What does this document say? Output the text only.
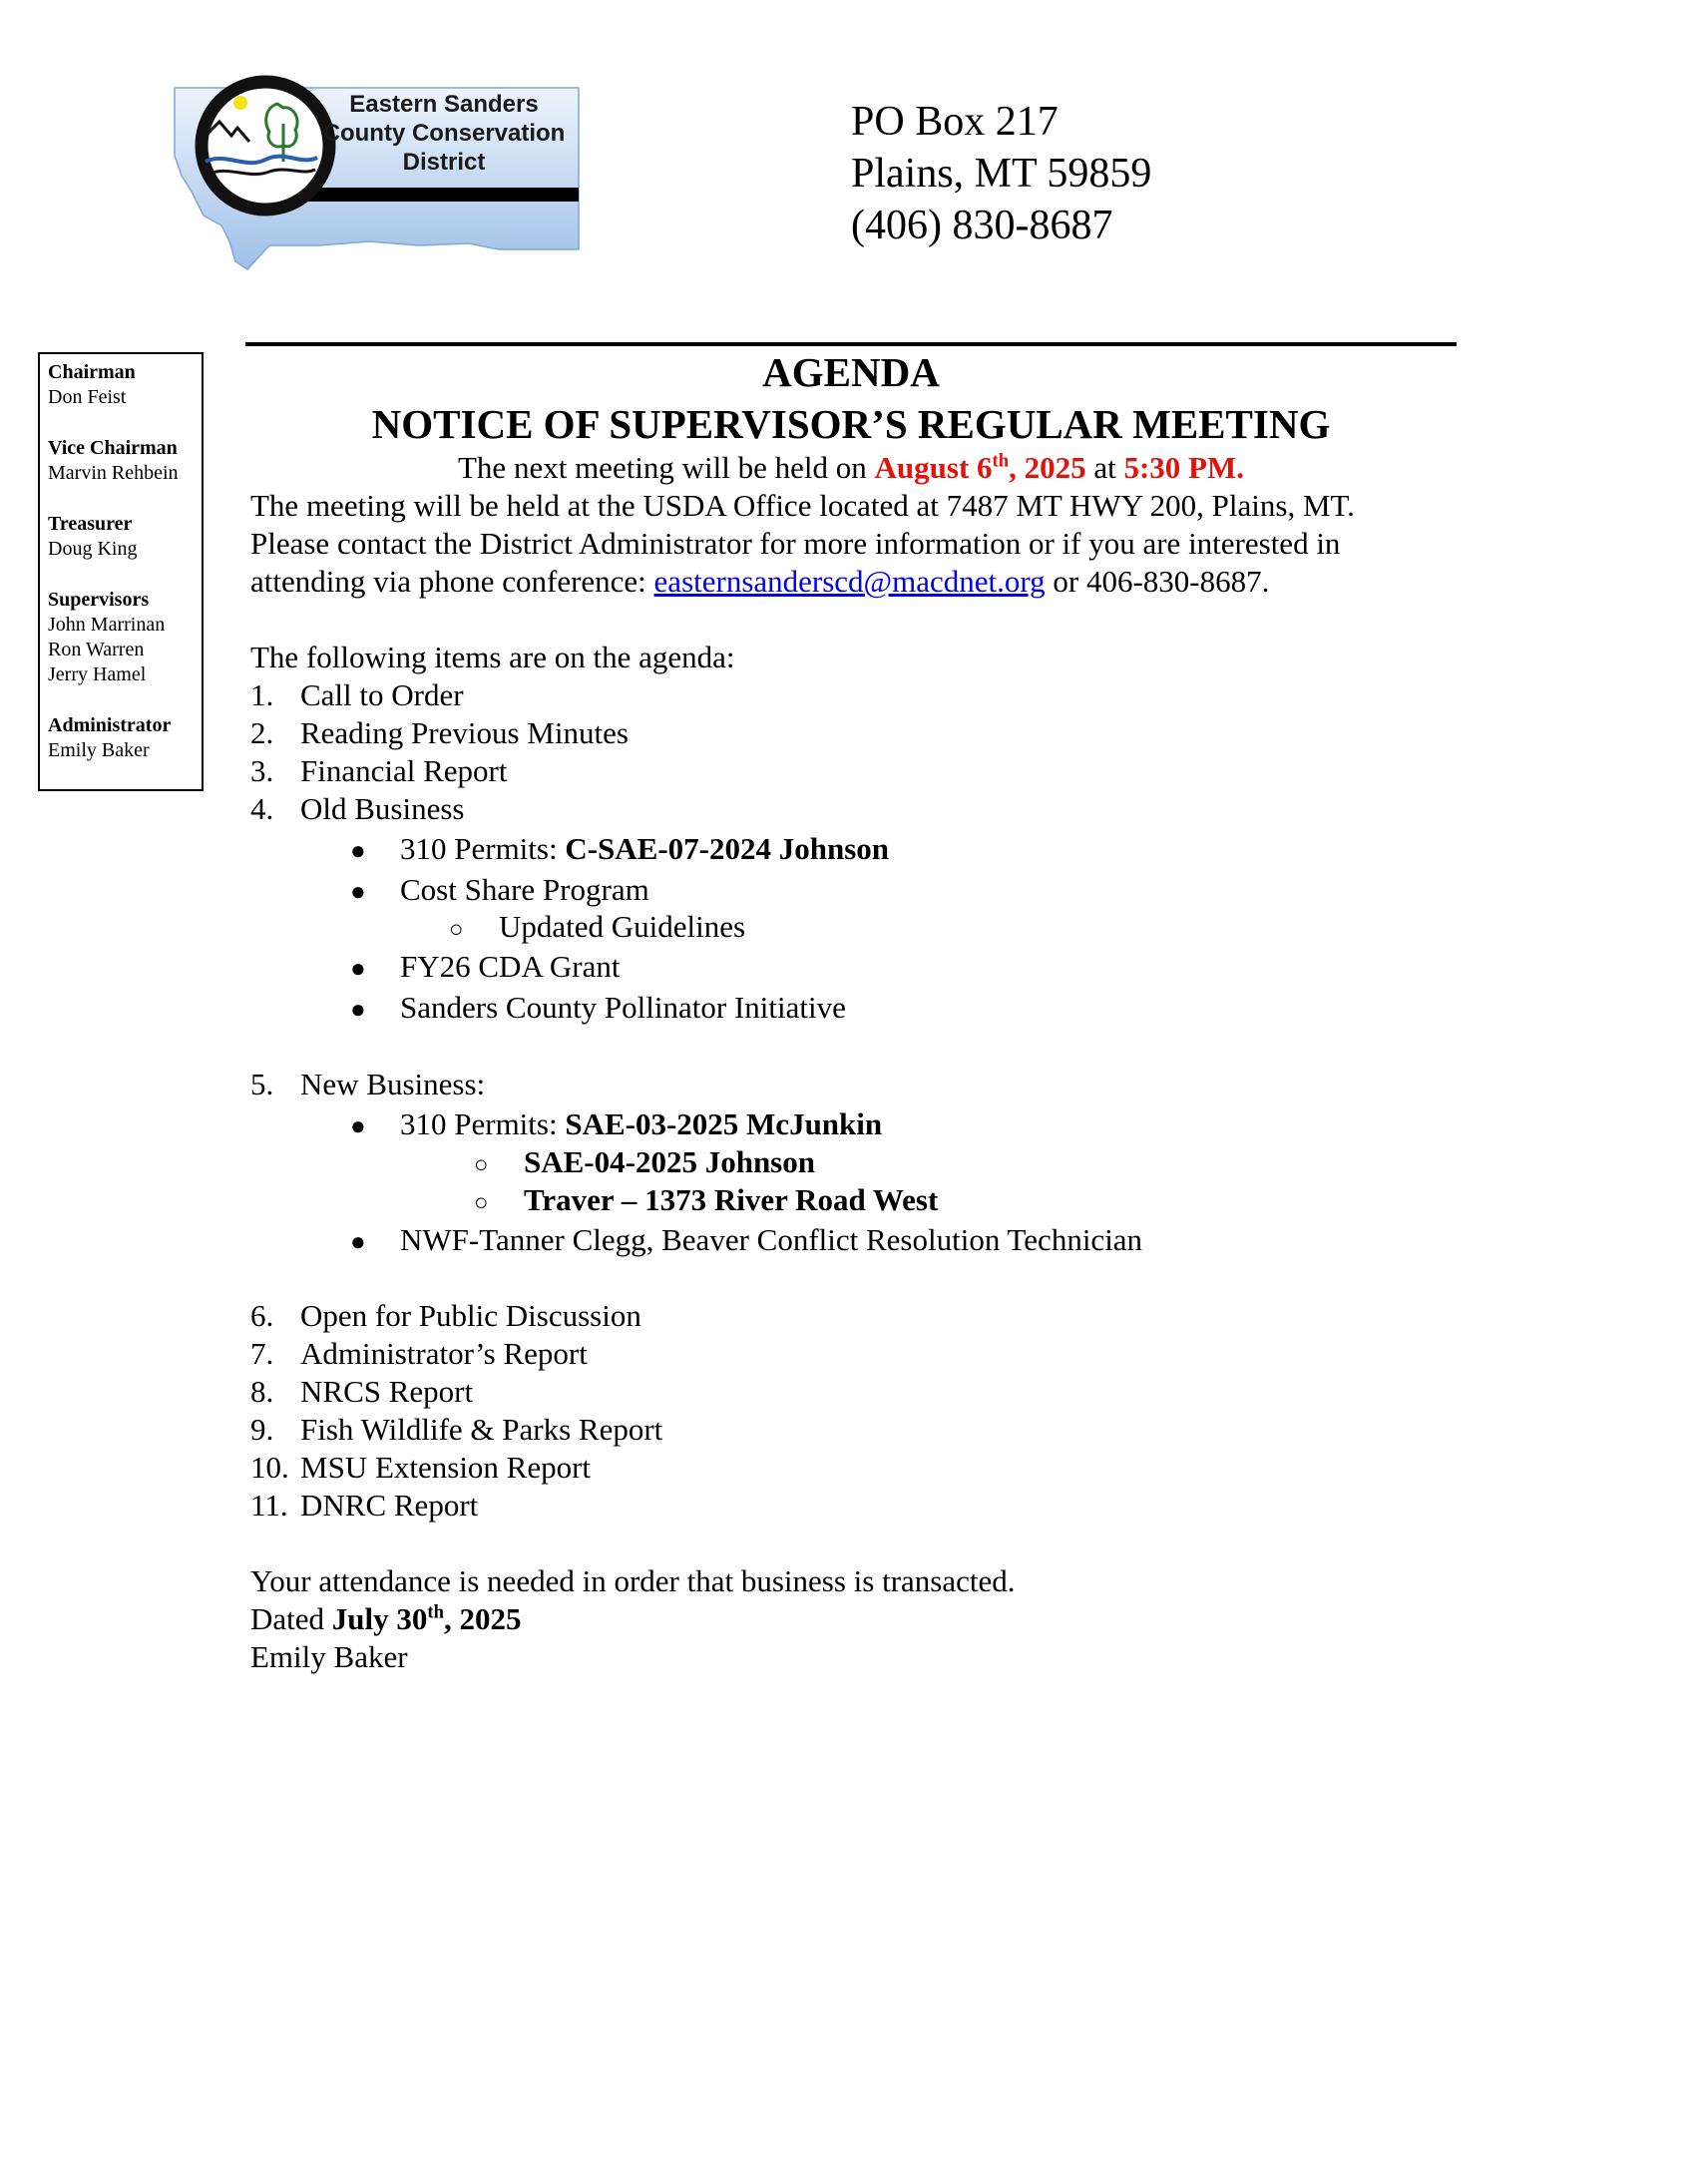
Eastern Sanders
County Conservation
District
PO Box 217
Plains, MT 59859
(406) 830-8687
Chairman
Don Feist
Vice Chairman
Marvin Rehbein
Treasurer
Doug King
Supervisors
John Marrinan
Ron Warren
Jerry Hamel
Administrator
Emily Baker
AGENDA
NOTICE OF SUPERVISOR’S REGULAR MEETING
The next meeting will be held on August 6th, 2025 at 5:30 PM.
The meeting will be held at the USDA Office located at 7487 MT HWY 200, Plains, MT.
Please contact the District Administrator for more information or if you are interested in
attending via phone conference: easternsanderscd@macdnet.org or 406-830-8687.
The following items are on the agenda:
1. Call to Order
2. Reading Previous Minutes
3. Financial Report
4. Old Business
● 310 Permits: C-SAE-07-2024 Johnson
● Cost Share Program
○ Updated Guidelines
● FY26 CDA Grant
● Sanders County Pollinator Initiative
5. New Business:
● 310 Permits: SAE-03-2025 McJunkin
○ SAE-04-2025 Johnson
○ Traver – 1373 River Road West
● NWF-Tanner Clegg, Beaver Conflict Resolution Technician
6. Open for Public Discussion
7. Administrator’s Report
8. NRCS Report
9. Fish Wildlife & Parks Report
10. MSU Extension Report
11. DNRC Report
Your attendance is needed in order that business is transacted.
Dated July 30th, 2025
Emily Baker
